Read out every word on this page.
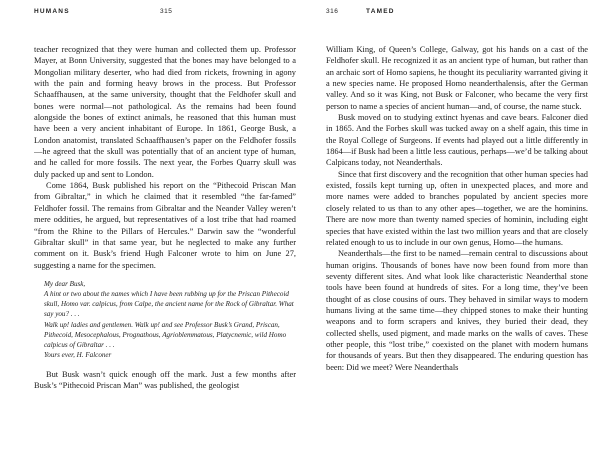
HUMANS	315

teacher recognized that they were human and collected them up. Professor Mayer, at Bonn University, suggested that the bones may have belonged to a Mongolian military deserter, who had died from rickets, frowning in agony with the pain and forming heavy brows in the process. But Professor Schaaffhausen, at the same university, thought that the Feldhofer skull and bones were normal—not pathological. As the remains had been found alongside the bones of extinct animals, he reasoned that this human must have been a very ancient inhabitant of Europe. In 1861, George Busk, a London anatomist, translated Schaaffhausen’s paper on the Feldhofer fossils—he agreed that the skull was potentially that of an ancient type of human, and he called for more fossils. The next year, the Forbes Quarry skull was duly packed up and sent to London.

Come 1864, Busk published his report on the “Pithecoid Priscan Man from Gibraltar,” in which he claimed that it resembled “the far-famed” Feldhofer fossil. The remains from Gibraltar and the Neander Valley weren’t mere oddities, he argued, but representatives of a lost tribe that had roamed “from the Rhine to the Pillars of Hercules.” Darwin saw the “wonderful Gibraltar skull” in that same year, but he neglected to make any further comment on it. Busk’s friend Hugh Falconer wrote to him on June 27, suggesting a name for the specimen.

My dear Busk,
A hint or two about the names which I have been rubbing up for the Priscan Pithecoid skull, Homo var. calpicus, from Calpe, the ancient name for the Rock of Gibraltar. What say you? . . .
Walk up! ladies and gentlemen. Walk up! and see Professor Busk’s Grand, Priscan, Pithecoid, Mesocephalous, Prognathous, Agrioblemmatous, Platycnemic, wild Homo calpicus of Gibraltar . . .
Yours ever, H. Falconer

But Busk wasn’t quick enough off the mark. Just a few months after Busk’s “Pithecoid Priscan Man” was published, the geologist

316	TAMED

William King, of Queen’s College, Galway, got his hands on a cast of the Feldhofer skull. He recognized it as an ancient type of human, but rather than an archaic sort of Homo sapiens, he thought its peculiarity warranted giving it a new species name. He proposed Homo neanderthalensis, after the German valley. And so it was King, not Busk or Falconer, who became the very first person to name a species of ancient human—and, of course, the name stuck.

Busk moved on to studying extinct hyenas and cave bears. Falconer died in 1865. And the Forbes skull was tucked away on a shelf again, this time in the Royal College of Surgeons. If events had played out a little differently in 1864—if Busk had been a little less cautious, perhaps—we’d be talking about Calpicans today, not Neanderthals.

Since that first discovery and the recognition that other human species had existed, fossils kept turning up, often in unexpected places, and more and more names were added to branches populated by ancient species more closely related to us than to any other apes—together, we are the hominins. There are now more than twenty named species of hominin, including eight species that have existed within the last two million years and that are closely related enough to us to include in our own genus, Homo—the humans.

Neanderthals—the first to be named—remain central to discussions about human origins. Thousands of bones have now been found from more than seventy different sites. And what look like characteristic Neanderthal stone tools have been found at hundreds of sites. For a long time, they’ve been thought of as close cousins of ours. They behaved in similar ways to modern humans living at the same time—they chipped stones to make their hunting weapons and to form scrapers and knives, they buried their dead, they collected shells, used pigment, and made marks on the walls of caves. These other people, this “lost tribe,” coexisted on the planet with modern humans for thousands of years. But then they disappeared. The enduring question has been: Did we meet? Were Neanderthals
